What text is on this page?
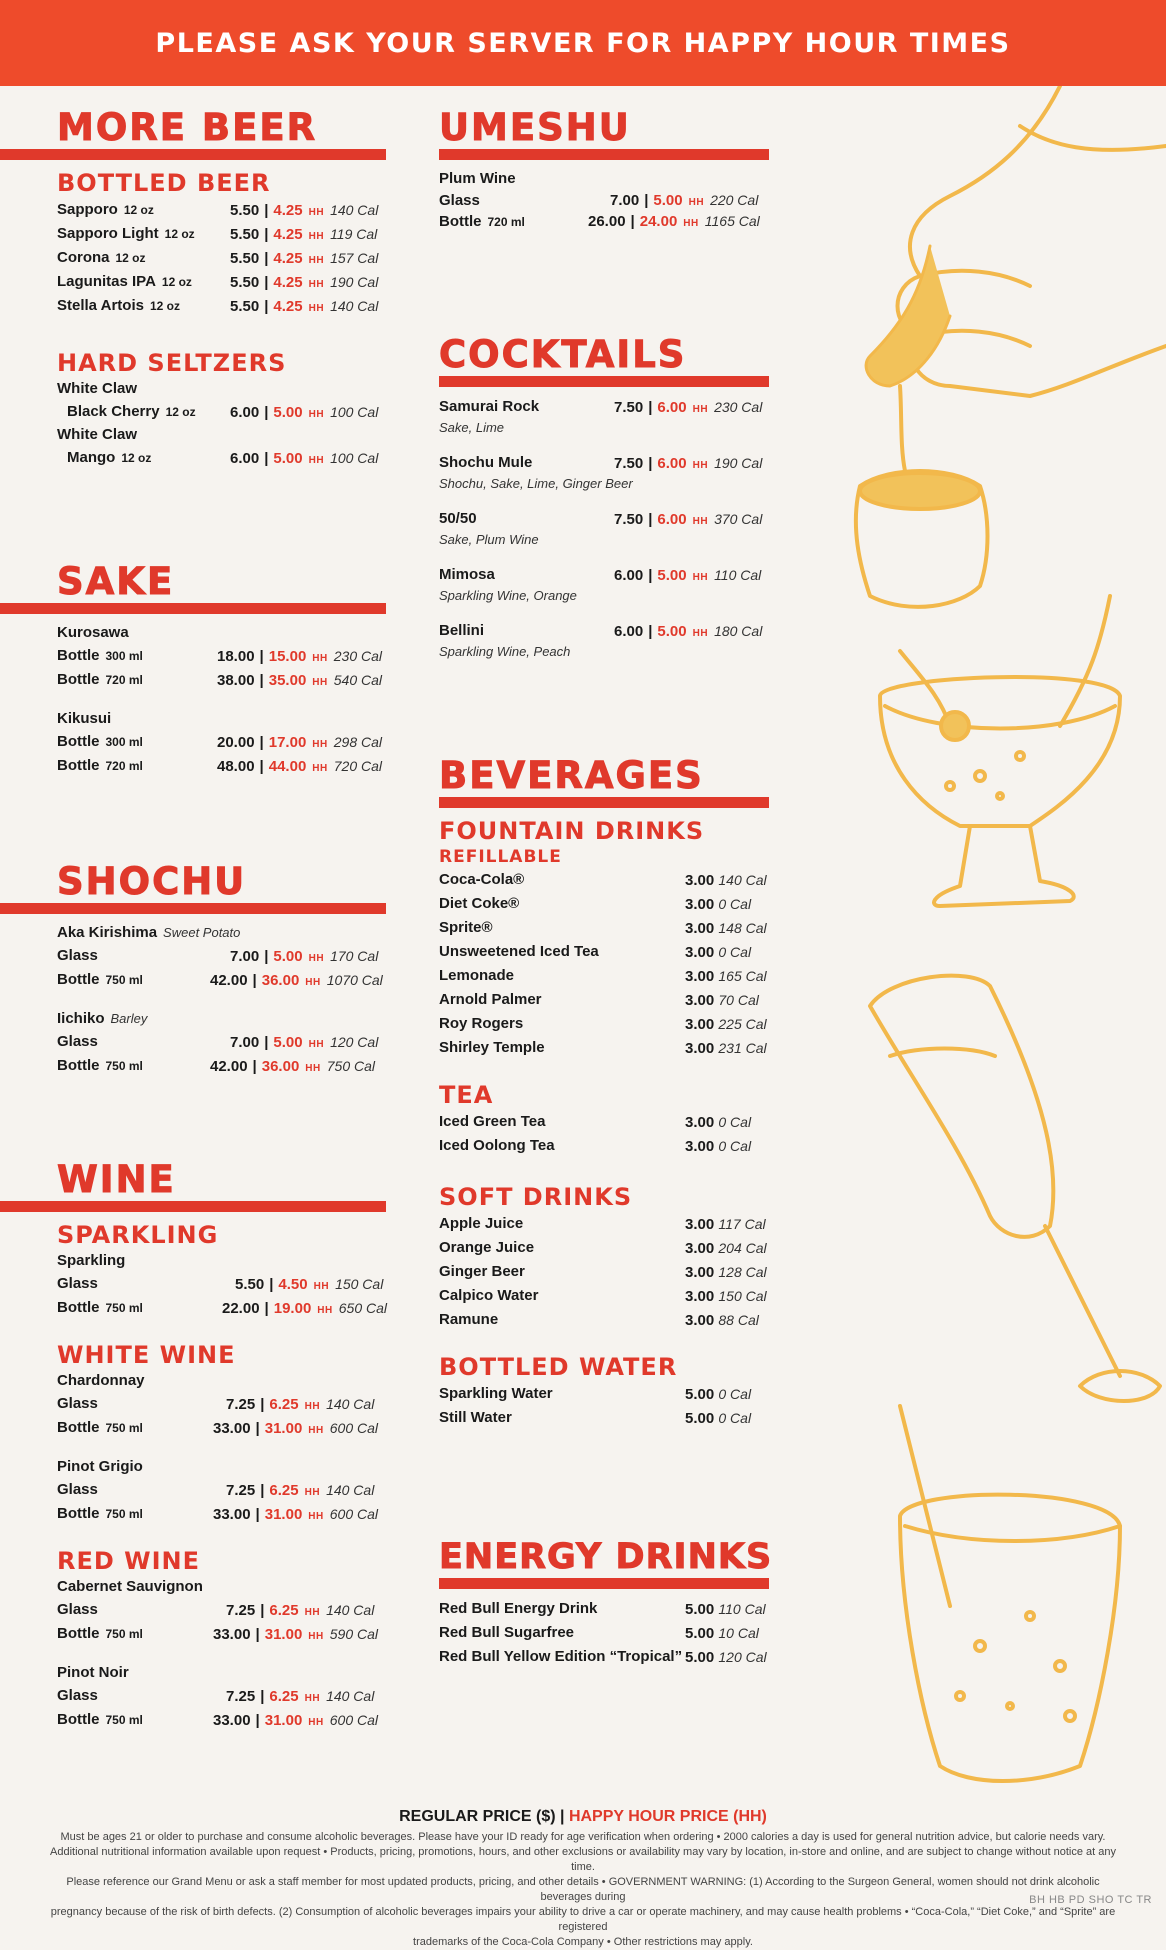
PLEASE ASK YOUR SERVER FOR HAPPY HOUR TIMES
MORE BEER
BOTTLED BEER
Sapporo 12 oz	5.50 | 4.25 HH 140 Cal
Sapporo Light 12 oz 5.50 | 4.25 HH 119 Cal
Corona 12 oz	5.50 | 4.25 HH 157 Cal
Lagunitas IPA 12 oz	5.50 | 4.25 HH 190 Cal
Stella Artois 12 oz	5.50 | 4.25 HH 140 Cal
HARD SELTZERS
White Claw
Black Cherry 12 oz 6.00 | 5.00 HH 100 Cal
White Claw
Mango 12 oz	6.00 | 5.00 HH 100 Cal
SAKE
Kurosawa
Bottle 300 ml	18.00 | 15.00 HH 230 Cal
Bottle 720 ml	38.00 | 35.00 HH 540 Cal
Kikusui
Bottle 300 ml	20.00 | 17.00 HH 298 Cal
Bottle 720 ml	48.00 | 44.00 HH 720 Cal
SHOCHU
Aka Kirishima Sweet Potato
Glass	7.00 | 5.00 HH 170 Cal
Bottle 750 ml	42.00 | 36.00 HH 1070 Cal
Iichiko Barley
Glass	7.00 | 5.00 HH 120 Cal
Bottle 750 ml	42.00 | 36.00 HH 750 Cal
WINE
SPARKLING
Sparkling
Glass	5.50 | 4.50 HH 150 Cal
Bottle 750 ml	22.00 | 19.00 HH 650 Cal
WHITE WINE
Chardonnay
Glass	7.25 | 6.25 HH 140 Cal
Bottle 750 ml	33.00 | 31.00 HH 600 Cal
Pinot Grigio
Glass	7.25 | 6.25 HH 140 Cal
Bottle 750 ml	33.00 | 31.00 HH 600 Cal
RED WINE
Cabernet Sauvignon
Glass	7.25 | 6.25 HH 140 Cal
Bottle 750 ml	33.00 | 31.00 HH 590 Cal
Pinot Noir
Glass	7.25 | 6.25 HH 140 Cal
Bottle 750 ml	33.00 | 31.00 HH 600 Cal
UMESHU
Plum Wine
Glass	7.00 | 5.00 HH 220 Cal
Bottle 720 ml	26.00 | 24.00 HH 1165 Cal
COCKTAILS
Samurai Rock	7.50 | 6.00 HH 230 Cal
Sake, Lime
Shochu Mule	7.50 | 6.00 HH 190 Cal
Shochu, Sake, Lime, Ginger Beer
50/50	7.50 | 6.00 HH 370 Cal
Sake, Plum Wine
Mimosa	6.00 | 5.00 HH 110 Cal
Sparkling Wine, Orange
Bellini	6.00 | 5.00 HH 180 Cal
Sparkling Wine, Peach
BEVERAGES
FOUNTAIN DRINKS
REFILLABLE
Coca-Cola®	3.00 140 Cal
Diet Coke®	3.00 0 Cal
Sprite®	3.00 148 Cal
Unsweetened Iced Tea	3.00 0 Cal
Lemonade	3.00 165 Cal
Arnold Palmer	3.00 70 Cal
Roy Rogers	3.00 225 Cal
Shirley Temple	3.00 231 Cal
TEA
Iced Green Tea	3.00 0 Cal
Iced Oolong Tea	3.00 0 Cal
SOFT DRINKS
Apple Juice	3.00 117 Cal
Orange Juice	3.00 204 Cal
Ginger Beer	3.00 128 Cal
Calpico Water	3.00 150 Cal
Ramune	3.00 88 Cal
BOTTLED WATER
Sparkling Water	5.00 0 Cal
Still Water	5.00 0 Cal
ENERGY DRINKS
Red Bull Energy Drink	5.00 110 Cal
Red Bull Sugarfree	5.00 10 Cal
Red Bull Yellow Edition “Tropical” 5.00 120 Cal
REGULAR PRICE ($) | HAPPY HOUR PRICE (HH)
Must be ages 21 or older to purchase and consume alcoholic beverages. Please have your ID ready for age verification when ordering • 2000 calories a day is used for general nutrition advice, but calorie needs vary.
Additional nutritional information available upon request • Products, pricing, promotions, hours, and other exclusions or availability may vary by location, in-store and online, and are subject to change without notice at any time.
Please reference our Grand Menu or ask a staff member for most updated products, pricing, and other details • GOVERNMENT WARNING: (1) According to the Surgeon General, women should not drink alcoholic beverages during
pregnancy because of the risk of birth defects. (2) Consumption of alcoholic beverages impairs your ability to drive a car or operate machinery, and may cause health problems • “Coca-Cola,” “Diet Coke,” and “Sprite” are registered
trademarks of the Coca-Cola Company • Other restrictions may apply.
BH HB PD SHO TC TR
